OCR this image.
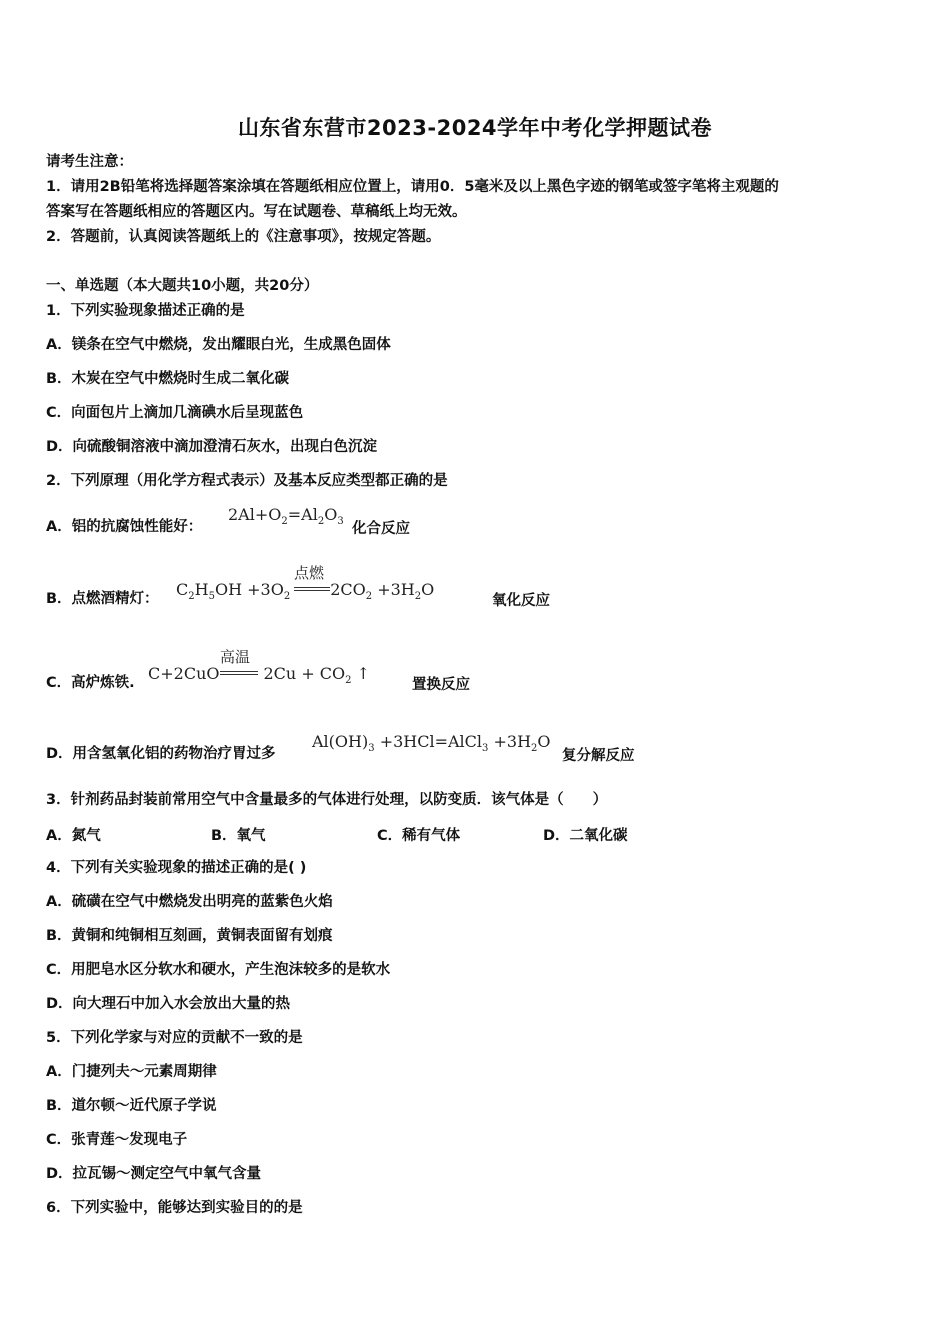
山东省东营市2023-2024学年中考化学押题试卷
请考生注意：
1．请用2B铅笔将选择题答案涂填在答题纸相应位置上，请用0．5毫米及以上黑色字迹的钢笔或签字笔将主观题的
答案写在答题纸相应的答题区内。写在试题卷、草稿纸上均无效。
2．答题前，认真阅读答题纸上的《注意事项》，按规定答题。
一、单选题（本大题共10小题，共20分）
1．下列实验现象描述正确的是
A．镁条在空气中燃烧，发出耀眼白光，生成黑色固体
B．木炭在空气中燃烧时生成二氧化碳
C．向面包片上滴加几滴碘水后呈现蓝色
D．向硫酸铜溶液中滴加澄清石灰水，出现白色沉淀
2．下列原理（用化学方程式表示）及基本反应类型都正确的是
A．铝的抗腐蚀性能好：
$2Al+O_2=Al_2O_3$ 化合反应
B．点燃酒精灯： $C_2H_5OH +3O_2$	$2CO_2 +3H_2O$
点燃
氧化反应
C．高炉炼铁. C+2CuO	$2Cu + CO_2$ ↑
高温
置换反应
D．用含氢氧化铝的药物治疗胃过多
$Al(OH)_3$ +3HCl=AlCl$_3$ $+3H_2O$
复分解反应
3．针剂药品封装前常用空气中含量最多的气体进行处理，以防变质．该气体是（　　）
A．氮气	B．氧气	C．稀有气体	D．二氧化碳
4．下列有关实验现象的描述正确的是( )
A．硫磺在空气中燃烧发出明亮的蓝紫色火焰
B．黄铜和纯铜相互刻画，黄铜表面留有划痕
C．用肥皂水区分软水和硬水，产生泡沫较多的是软水
D．向大理石中加入水会放出大量的热
5．下列化学家与对应的贡献不一致的是
A．门捷列夫～元素周期律
B．道尔顿～近代原子学说
C．张青莲～发现电子
D．拉瓦锡～测定空气中氧气含量
6．下列实验中，能够达到实验目的的是
